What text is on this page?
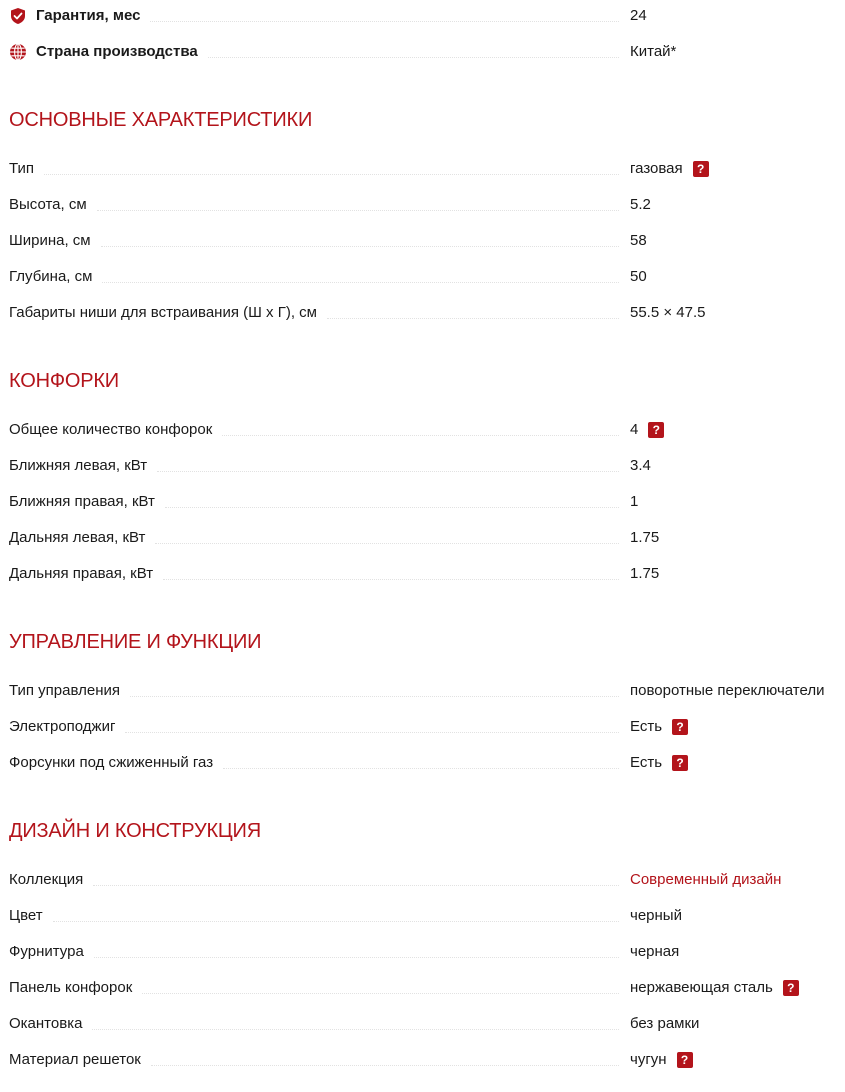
Гарантия, мес	24
Страна производства	Китай*
ОСНОВНЫЕ ХАРАКТЕРИСТИКИ
Тип	газовая	?
Высота, см	5.2
Ширина, см	58
Глубина, см	50
Габариты ниши для встраивания (Ш x Г), см	55.5 × 47.5
КОНФОРКИ
Общее количество конфорок	4	?
Ближняя левая, кВт	3.4
Ближняя правая, кВт	1
Дальняя левая, кВт	1.75
Дальняя правая, кВт	1.75
УПРАВЛЕНИЕ И ФУНКЦИИ
Тип управления	поворотные переключатели
Электроподжиг	Есть	?
Форсунки под сжиженный газ	Есть	?
ДИЗАЙН И КОНСТРУКЦИЯ
Коллекция	Современный дизайн
Цвет	черный
Фурнитура	черная
Панель конфорок	нержавеющая сталь	?
Окантовка	без рамки
Материал решеток	чугун	?
